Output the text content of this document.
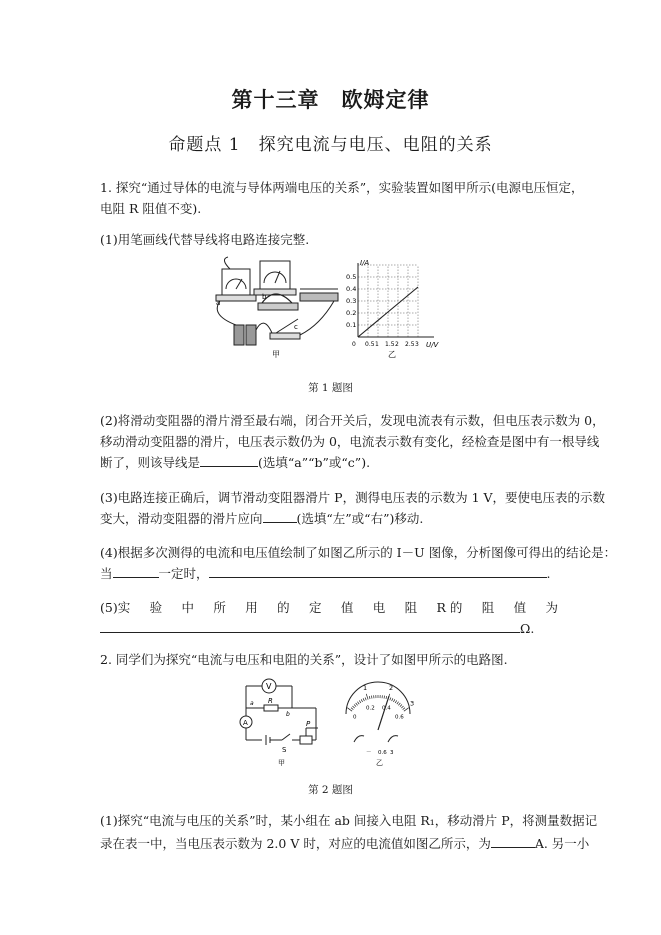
第十三章　欧姆定律
命题点 1　探究电流与电压、电阻的关系
1. 探究“通过导体的电流与导体两端电压的关系”，实验装置如图甲所示(电源电压恒定，
电阻 R 阻值不变).
(1)用笔画线代替导线将电路连接完整.
a
b
c
甲
I/A
U/V
0.5
0.4
0.3
0.2
0.1
0 0.5 1 1.5 2 2.5 3
乙
第 1 题图
(2)将滑动变阻器的滑片滑至最右端，闭合开关后，发现电流表有示数，但电压表示数为 0，
移动滑动变阻器的滑片，电压表示数仍为 0，电流表示数有变化，经检查是图中有一根导线
断了，则该导线是	(选填“a”“b”或“c”).
(3)电路连接正确后，调节滑动变阻器滑片 P，测得电压表的示数为 1 V，要使电压表的示数
变大，滑动变阻器的滑片应向	(选填“左”或“右”)移动.
(4)根据多次测得的电流和电压值绘制了如图乙所示的 I－U 图像，分析图像可得出的结论是：
当	一定时，	.
(5)实 验 中 所 用 的 定 值 电 阻 R 的 阻 值 为
Ω.
2. 同学们为探究“电流与电压和电阻的关系”，设计了如图甲所示的电路图.
V
A
R
a
b
P
S
甲
1	2
3
0
0.2 0.4
0.6
－ 0.6 3
乙
第 2 题图
(1)探究“电流与电压的关系”时，某小组在 ab 间接入电阻 R₁，移动滑片 P，将测量数据记
录在表一中，当电压表示数为 2.0 V 时，对应的电流值如图乙所示，为	A. 另一小
